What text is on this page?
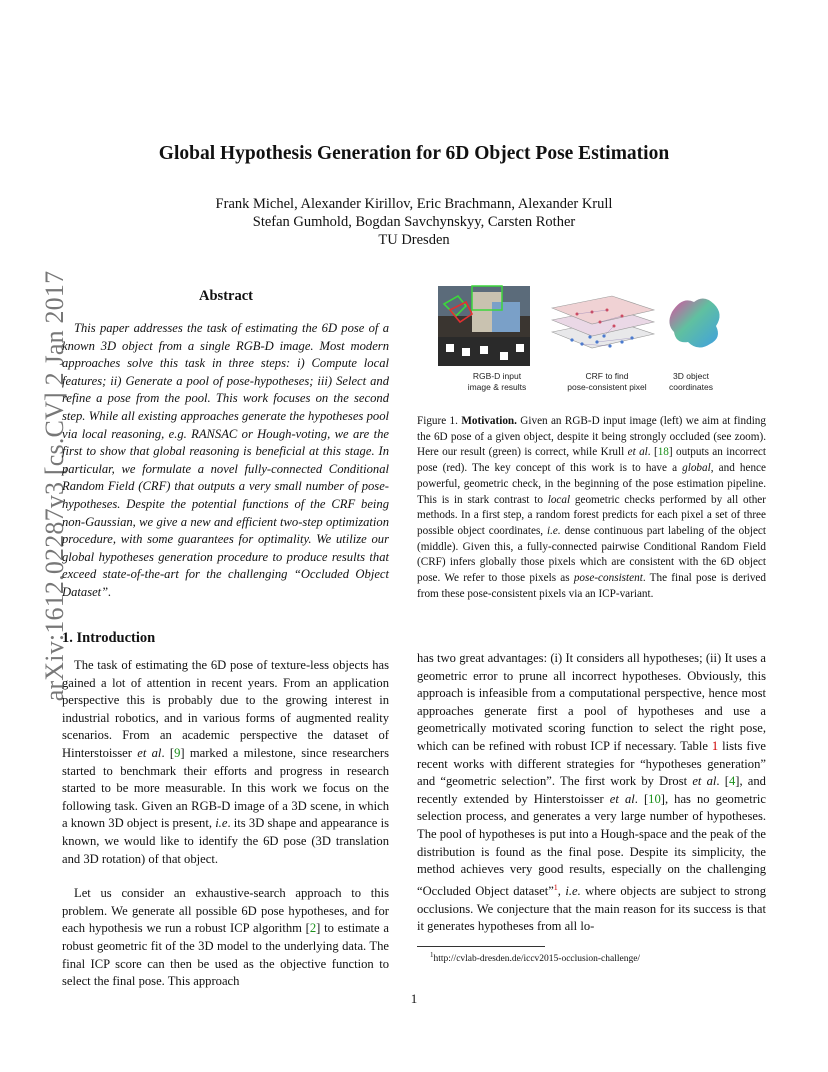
arXiv:1612.02287v3 [cs.CV] 2 Jan 2017
Global Hypothesis Generation for 6D Object Pose Estimation
Frank Michel, Alexander Kirillov, Eric Brachmann, Alexander Krull
Stefan Gumhold, Bogdan Savchynskyy, Carsten Rother
TU Dresden
Abstract

This paper addresses the task of estimating the 6D pose of a known 3D object from a single RGB-D image. Most modern approaches solve this task in three steps: i) Compute local features; ii) Generate a pool of pose-hypotheses; iii) Select and refine a pose from the pool. This work focuses on the second step. While all existing approaches generate the hypotheses pool via local reasoning, e.g. RANSAC or Hough-voting, we are the first to show that global reasoning is beneficial at this stage. In particular, we formulate a novel fully-connected Conditional Random Field (CRF) that outputs a very small number of pose-hypotheses. Despite the potential functions of the CRF being non-Gaussian, we give a new and efficient two-step optimization procedure, with some guarantees for optimality. We utilize our global hypotheses generation procedure to produce results that exceed state-of-the-art for the challenging “Occluded Object Dataset”.

RGB-D input
image & results
CRF to find
pose-consistent pixel
3D object
coordinates
Figure 1. Motivation. Given an RGB-D input image (left) we aim at finding the 6D pose of a given object, despite it being strongly occluded (see zoom). Here our result (green) is correct, while Krull et al. [18] outputs an incorrect pose (red). The key concept of this work is to have a global, and hence powerful, geometric check, in the beginning of the pose estimation pipeline. This is in stark contrast to local geometric checks performed by all other methods. In a first step, a random forest predicts for each pixel a set of three possible object coordinates, i.e. dense continuous part labeling of the object (middle). Given this, a fully-connected pairwise Conditional Random Field (CRF) infers globally those pixels which are consistent with the 6D object pose. We refer to those pixels as pose-consistent. The final pose is derived from these pose-consistent pixels via an ICP-variant.
1. Introduction

The task of estimating the 6D pose of texture-less objects has gained a lot of attention in recent years. From an application perspective this is probably due to the growing interest in industrial robotics, and in various forms of augmented reality scenarios. From an academic perspective the dataset of Hinterstoisser et al. [9] marked a milestone, since researchers started to benchmark their efforts and progress in research started to be more measurable. In this work we focus on the following task. Given an RGB-D image of a 3D scene, in which a known 3D object is present, i.e. its 3D shape and appearance is known, we would like to identify the 6D pose (3D translation and 3D rotation) of that object.

Let us consider an exhaustive-search approach to this problem. We generate all possible 6D pose hypotheses, and for each hypothesis we run a robust ICP algorithm [2] to estimate a robust geometric fit of the 3D model to the underlying data. The final ICP score can then be used as the objective function to select the final pose. This approach

has two great advantages: (i) It considers all hypotheses; (ii) It uses a geometric error to prune all incorrect hypotheses. Obviously, this approach is infeasible from a computational perspective, hence most approaches generate first a pool of hypotheses and use a geometrically motivated scoring function to select the right pose, which can be refined with robust ICP if necessary. Table 1 lists five recent works with different strategies for “hypotheses generation” and “geometric selection”. The first work by Drost et al. [4], and recently extended by Hinterstoisser et al. [10], has no geometric selection process, and generates a very large number of hypotheses. The pool of hypotheses is put into a Hough-space and the peak of the distribution is found as the final pose. Despite its simplicity, the method achieves very good results, especially on the challenging “Occluded Object dataset”$^1$, i.e. where objects are subject to strong occlusions. We conjecture that the main reason for its success is that it generates hypotheses from all lo-

$^1$http://cvlab-dresden.de/iccv2015-occlusion-challenge/
1
